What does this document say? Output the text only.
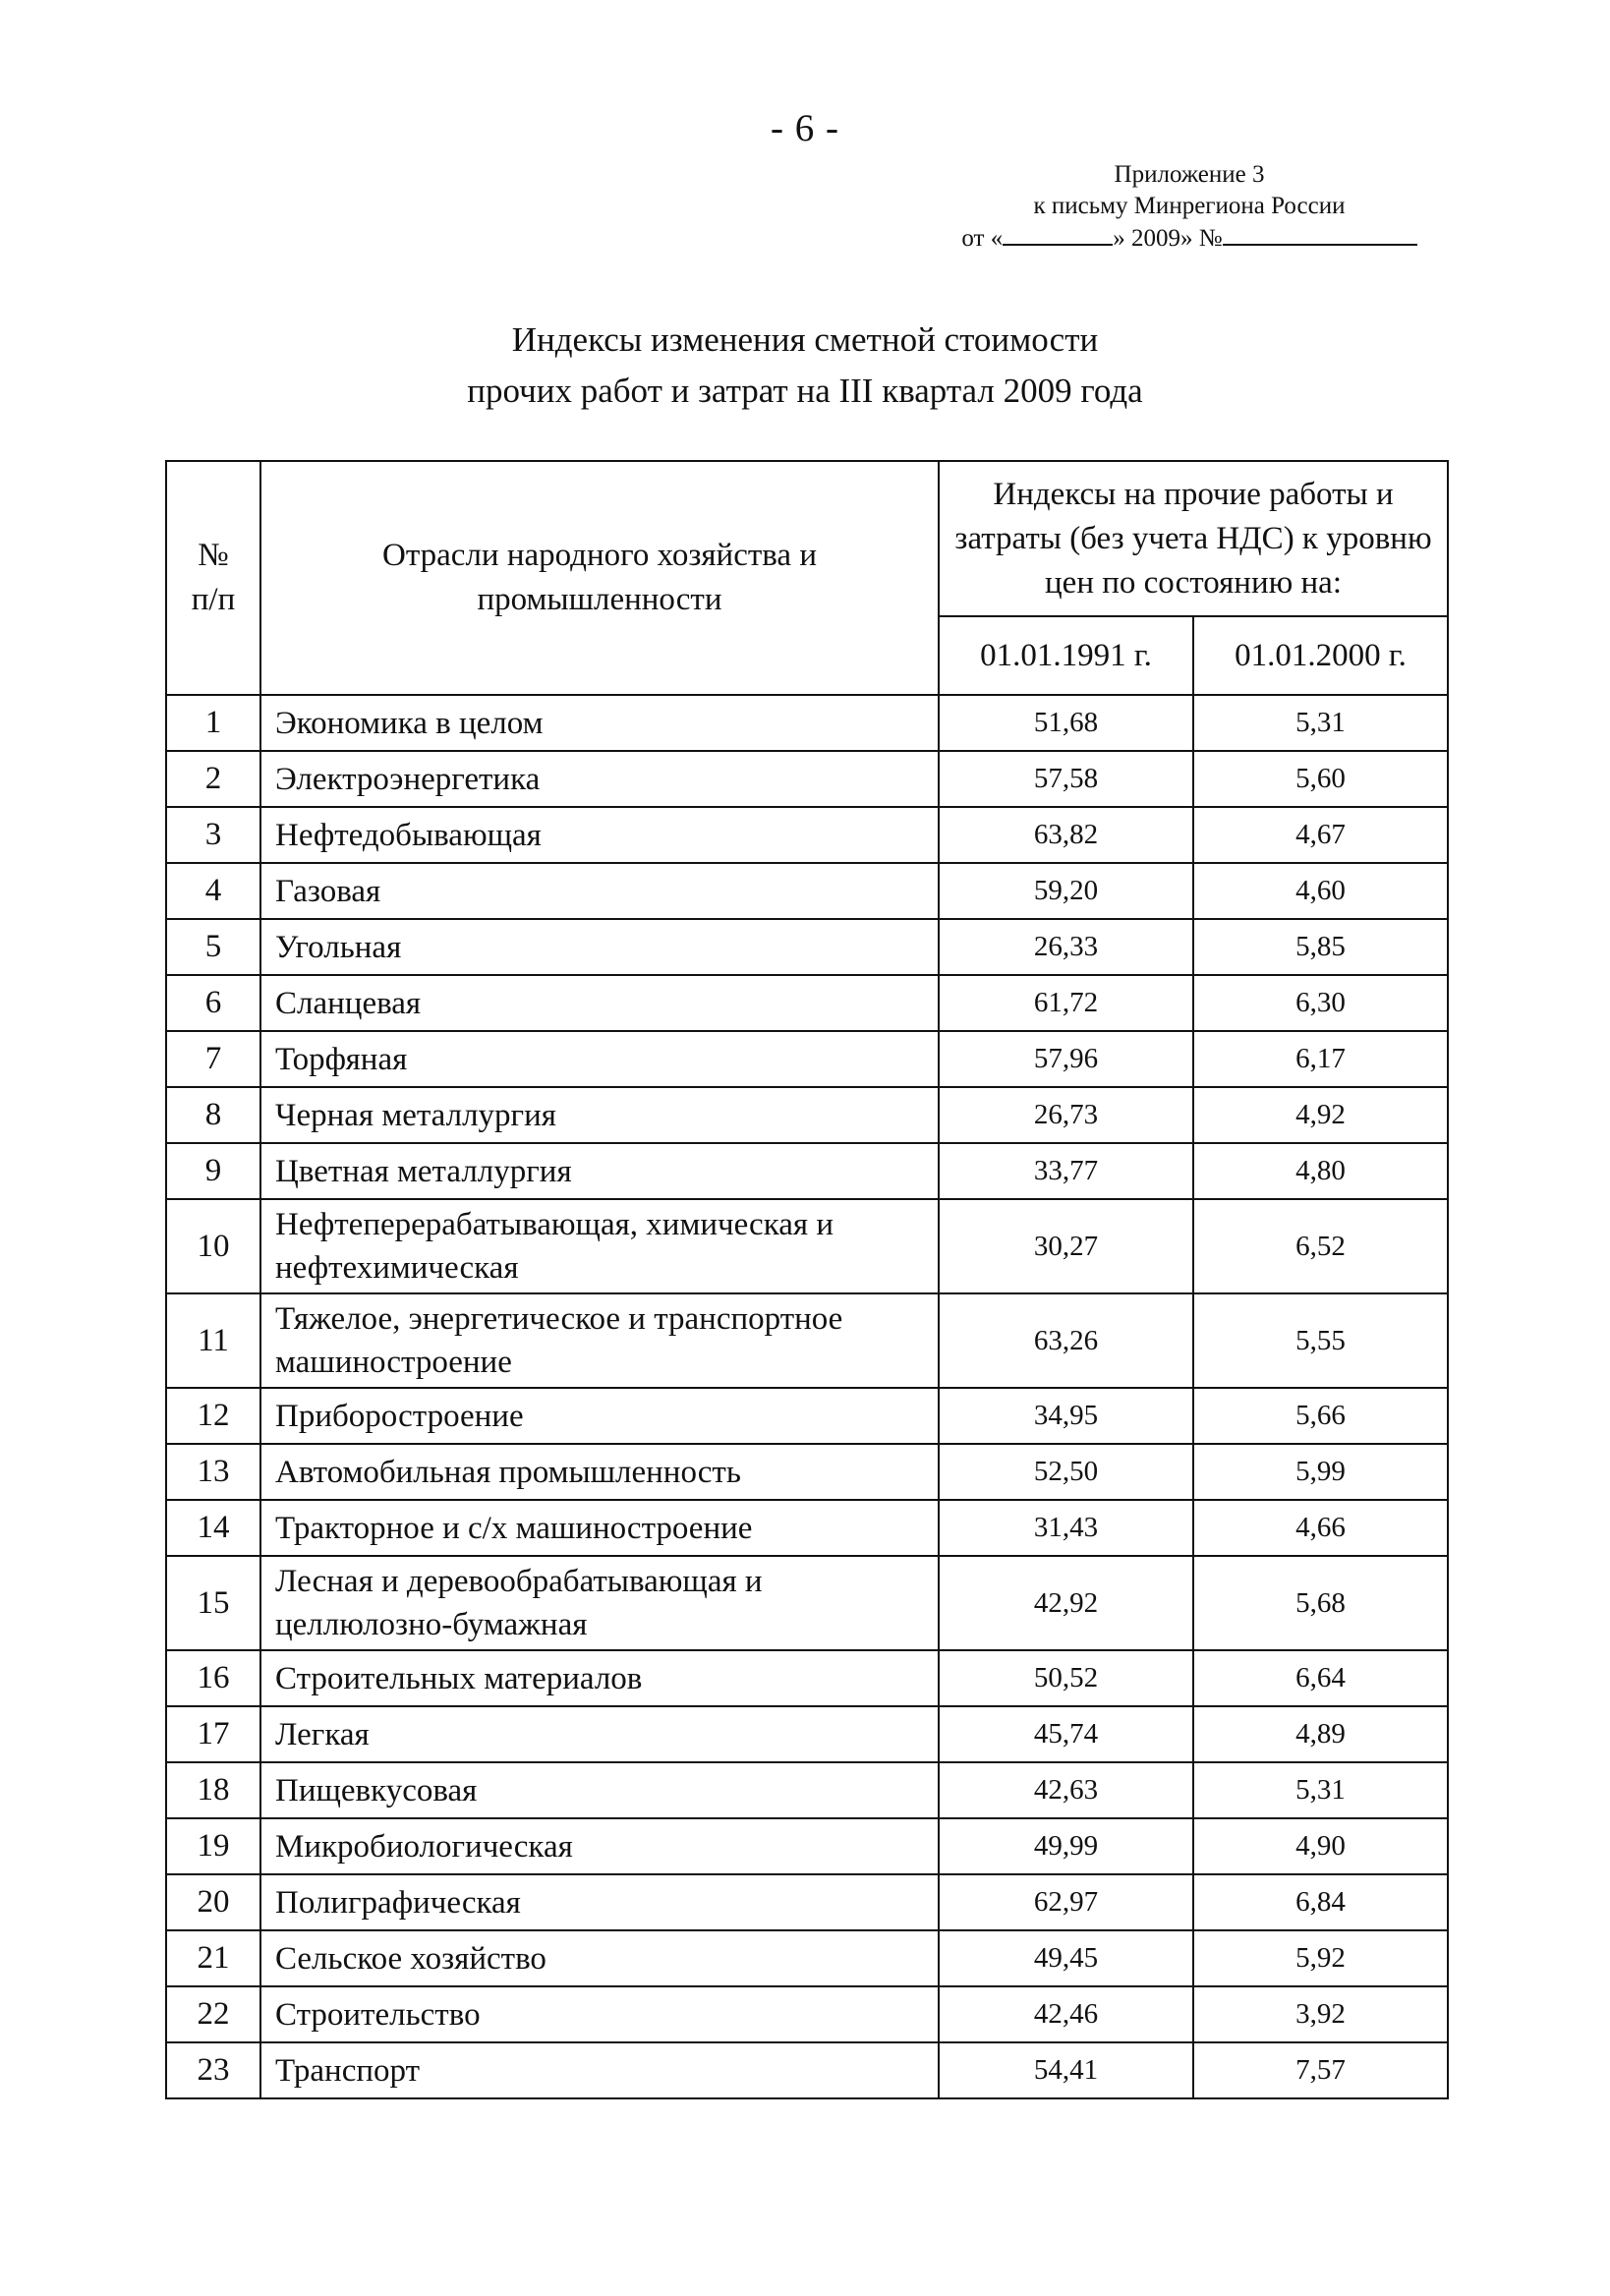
- 6 -
Приложение 3
к письму Минрегиона России
от «	» 2009» №
Индексы изменения сметной стоимости
прочих работ и затрат на III квартал 2009 года
№
п/п	Отрасли народного хозяйства и промышленности	Индексы на прочие работы и затраты (без учета НДС) к уровню цен по состоянию на:	
		01.01.1991 г.	01.01.2000 г.
1	Экономика в целом	51,68	5,31
2	Электроэнергетика	57,58	5,60
3	Нефтедобывающая	63,82	4,67
4	Газовая	59,20	4,60
5	Угольная	26,33	5,85
6	Сланцевая	61,72	6,30
7	Торфяная	57,96	6,17
8	Черная металлургия	26,73	4,92
9	Цветная металлургия	33,77	4,80
10	Нефтеперерабатывающая, химическая и нефтехимическая	30,27	6,52
11	Тяжелое, энергетическое и транспортное машиностроение	63,26	5,55
12	Приборостроение	34,95	5,66
13	Автомобильная промышленность	52,50	5,99
14	Тракторное и с/х машиностроение	31,43	4,66
15	Лесная и деревообрабатывающая и целлюлозно-бумажная	42,92	5,68
16	Строительных материалов	50,52	6,64
17	Легкая	45,74	4,89
18	Пищевкусовая	42,63	5,31
19	Микробиологическая	49,99	4,90
20	Полиграфическая	62,97	6,84
21	Сельское хозяйство	49,45	5,92
22	Строительство	42,46	3,92
23	Транспорт	54,41	7,57
